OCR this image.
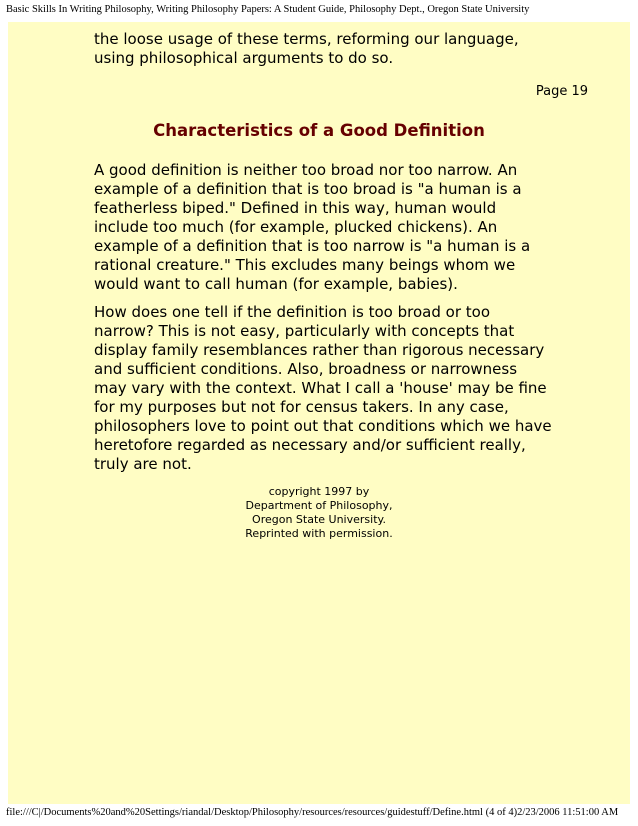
Basic Skills In Writing Philosophy, Writing Philosophy Papers: A Student Guide, Philosophy Dept., Oregon State University

the loose usage of these terms, reforming our language, using philosophical arguments to do so.

Page 19
Characteristics of a Good Definition

A good definition is neither too broad nor too narrow. An example of a definition that is too broad is "a human is a featherless biped." Defined in this way, human would include too much (for example, plucked chickens). An example of a definition that is too narrow is "a human is a rational creature." This excludes many beings whom we would want to call human (for example, babies).

How does one tell if the definition is too broad or too narrow? This is not easy, particularly with concepts that display family resemblances rather than rigorous necessary and sufficient conditions. Also, broadness or narrowness may vary with the context. What I call a 'house' may be fine for my purposes but not for census takers. In any case, philosophers love to point out that conditions which we have heretofore regarded as necessary and/or sufficient really, truly are not.

copyright 1997 by
Department of Philosophy,
Oregon State University.
Reprinted with permission.
file:///C|/Documents%20and%20Settings/riandal/Desktop/Philosophy/resources/resources/guidestuff/Define.html (4 of 4)2/23/2006 11:51:00 AM
